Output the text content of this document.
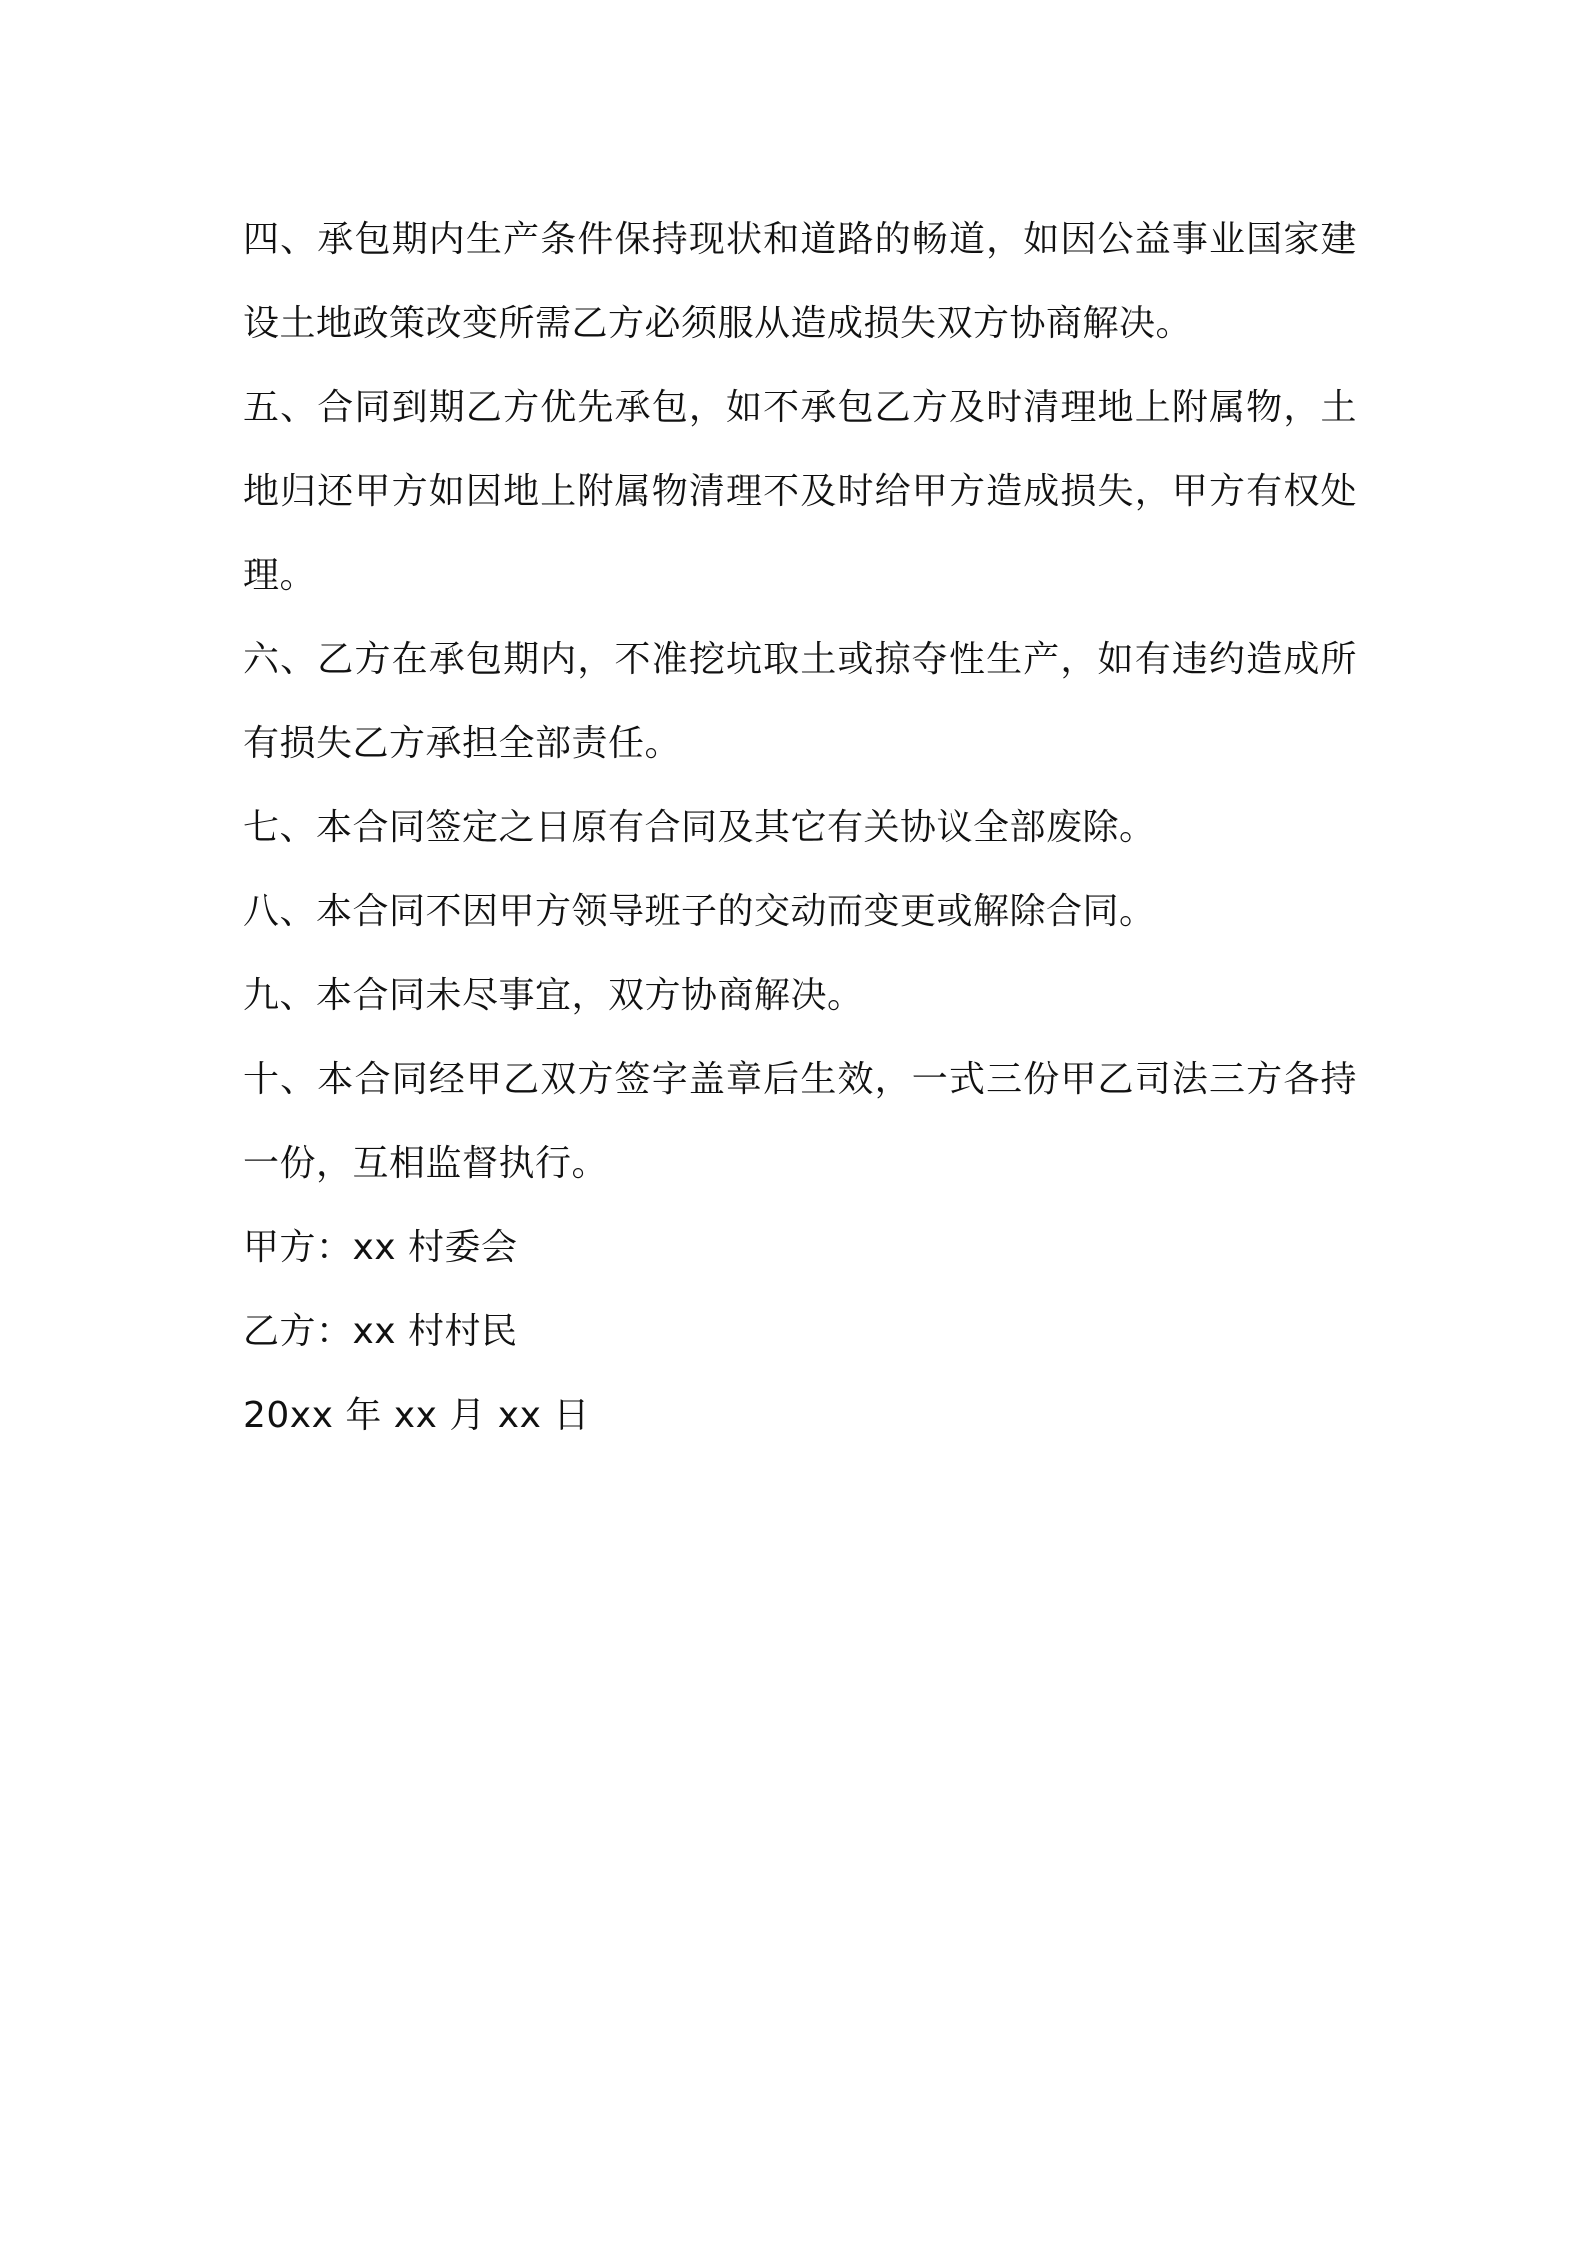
四、承包期内生产条件保持现状和道路的畅道，如因公益事业国家建设土地政策改变所需乙方必须服从造成损失双方协商解决。

五、合同到期乙方优先承包，如不承包乙方及时清理地上附属物，土地归还甲方如因地上附属物清理不及时给甲方造成损失，甲方有权处理。

六、乙方在承包期内，不准挖坑取土或掠夺性生产，如有违约造成所有损失乙方承担全部责任。

七、本合同签定之日原有合同及其它有关协议全部废除。

八、本合同不因甲方领导班子的交动而变更或解除合同。

九、本合同未尽事宜，双方协商解决。

十、本合同经甲乙双方签字盖章后生效，一式三份甲乙司法三方各持一份，互相监督执行。

甲方：xx 村委会

乙方：xx 村村民

20xx 年 xx 月 xx 日
